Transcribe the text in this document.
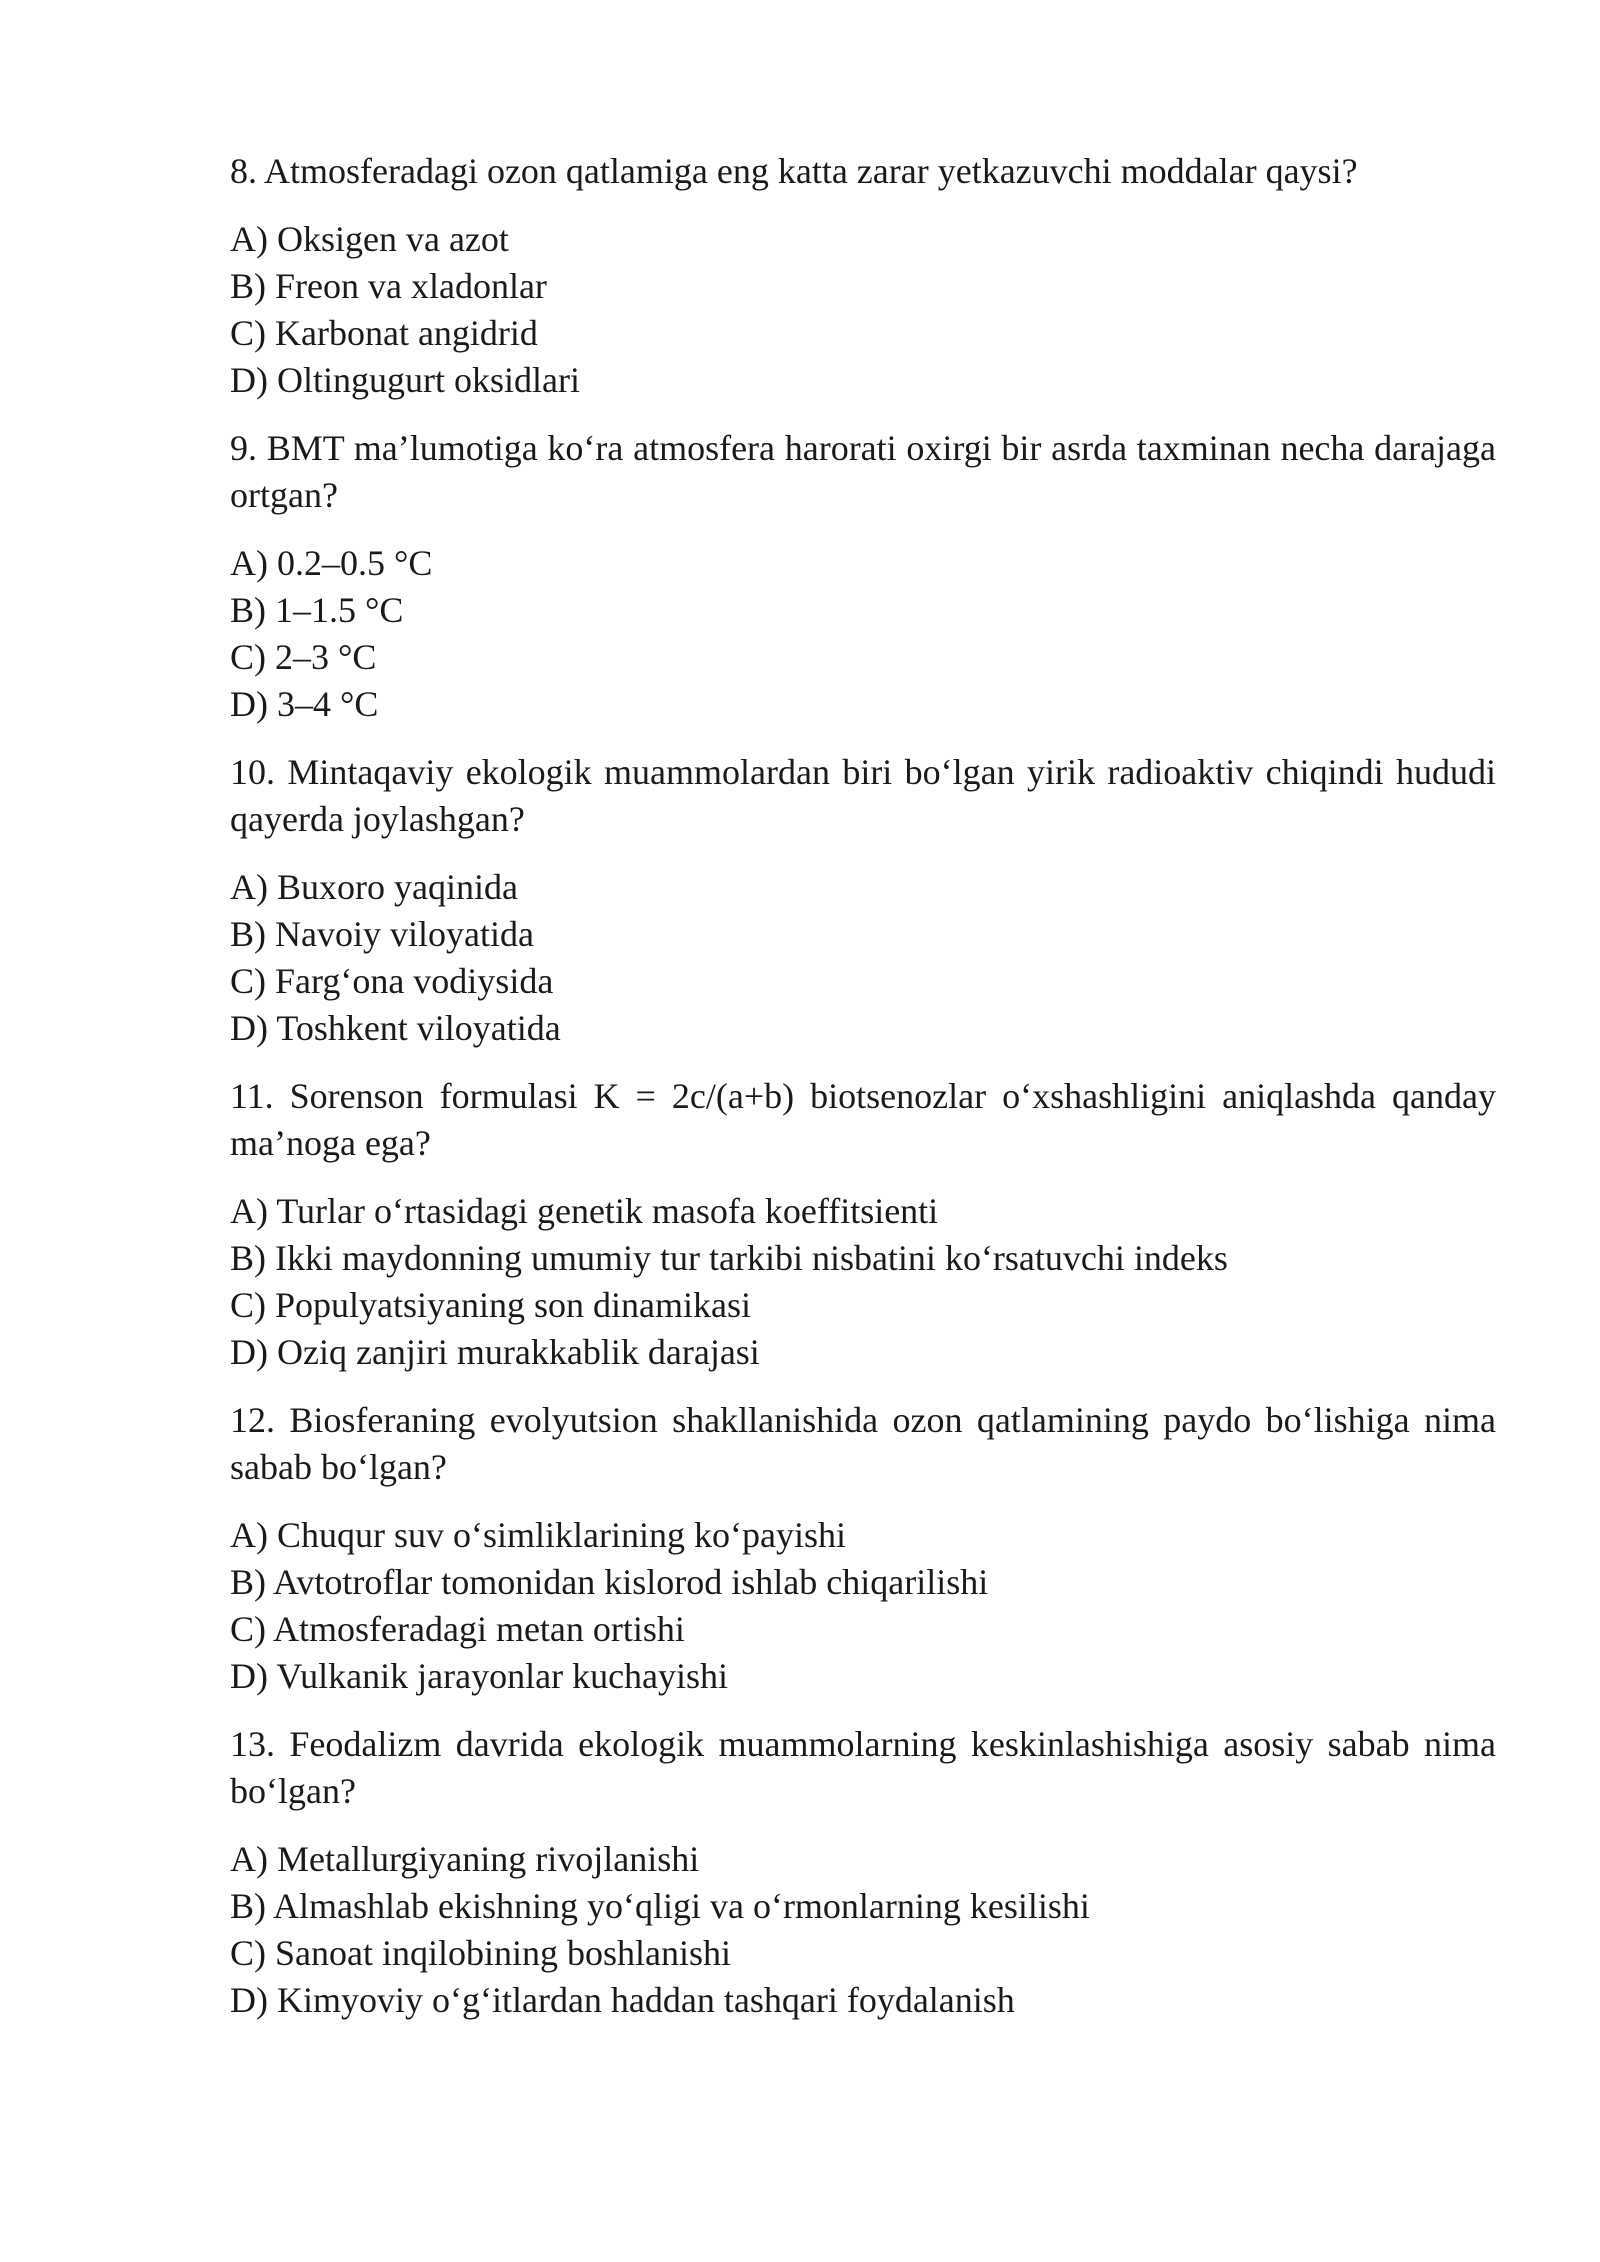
8. Atmosferadagi ozon qatlamiga eng katta zarar yetkazuvchi moddalar qaysi?
A) Oksigen va azot
B) Freon va xladonlar
C) Karbonat angidrid
D) Oltingugurt oksidlari
9. BMT ma’lumotiga ko‘ra atmosfera harorati oxirgi bir asrda taxminan necha darajaga ortgan?
A) 0.2–0.5 °C
B) 1–1.5 °C
C) 2–3 °C
D) 3–4 °C
10. Mintaqaviy ekologik muammolardan biri bo‘lgan yirik radioaktiv chiqindi hududi qayerda joylashgan?
A) Buxoro yaqinida
B) Navoiy viloyatida
C) Farg‘ona vodiysida
D) Toshkent viloyatida
11. Sorenson formulasi K = 2c/(a+b) biotsenozlar o‘xshashligini aniqlashda qanday ma’noga ega?
A) Turlar o‘rtasidagi genetik masofa koeffitsienti
B) Ikki maydonning umumiy tur tarkibi nisbatini ko‘rsatuvchi indeks
C) Populyatsiyaning son dinamikasi
D) Oziq zanjiri murakkablik darajasi
12. Biosferaning evolyutsion shakllanishida ozon qatlamining paydo bo‘lishiga nima sabab bo‘lgan?
A) Chuqur suv o‘simliklarining ko‘payishi
B) Avtotroflar tomonidan kislorod ishlab chiqarilishi
C) Atmosferadagi metan ortishi
D) Vulkanik jarayonlar kuchayishi
13. Feodalizm davrida ekologik muammolarning keskinlashishiga asosiy sabab nima bo‘lgan?
A) Metallurgiyaning rivojlanishi
B) Almashlab ekishning yo‘qligi va o‘rmonlarning kesilishi
C) Sanoat inqilobining boshlanishi
D) Kimyoviy o‘g‘itlardan haddan tashqari foydalanish
